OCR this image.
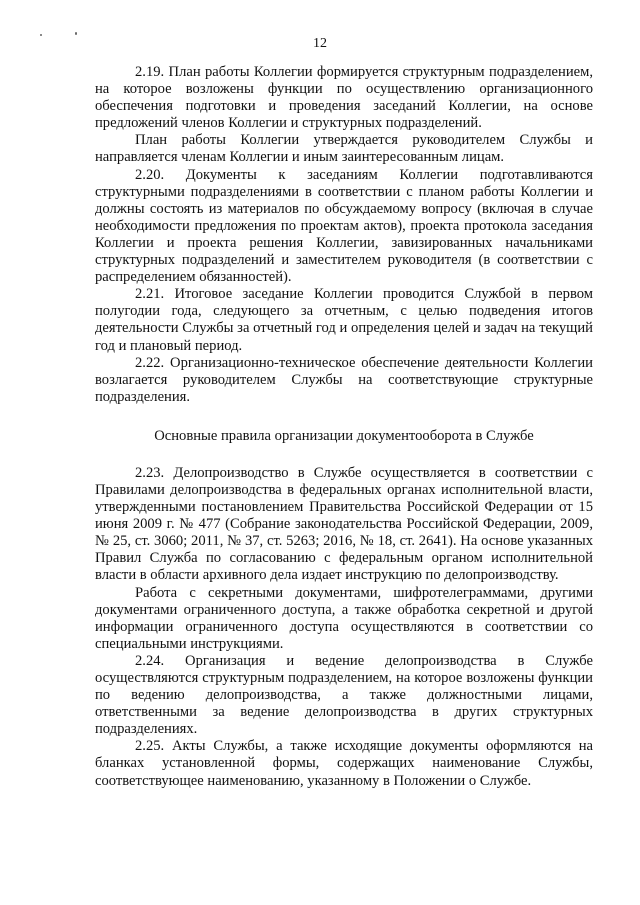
12

2.19. План работы Коллегии формируется структурным подразделением, на которое возложены функции по осуществлению организационного обеспечения подготовки и проведения заседаний Коллегии, на основе предложений членов Коллегии и структурных подразделений.

План работы Коллегии утверждается руководителем Службы и направляется членам Коллегии и иным заинтересованным лицам.

2.20. Документы к заседаниям Коллегии подготавливаются структурными подразделениями в соответствии с планом работы Коллегии и должны состоять из материалов по обсуждаемому вопросу (включая в случае необходимости предложения по проектам актов), проекта протокола заседания Коллегии и проекта решения Коллегии, завизированных начальниками структурных подразделений и заместителем руководителя (в соответствии с распределением обязанностей).

2.21. Итоговое заседание Коллегии проводится Службой в первом полугодии года, следующего за отчетным, с целью подведения итогов деятельности Службы за отчетный год и определения целей и задач на текущий год и плановый период.

2.22. Организационно-техническое обеспечение деятельности Коллегии возлагается руководителем Службы на соответствующие структурные подразделения.

Основные правила организации документооборота в Службе

2.23. Делопроизводство в Службе осуществляется в соответствии с Правилами делопроизводства в федеральных органах исполнительной власти, утвержденными постановлением Правительства Российской Федерации от 15 июня 2009 г. № 477 (Собрание законодательства Российской Федерации, 2009, № 25, ст. 3060; 2011, № 37, ст. 5263; 2016, № 18, ст. 2641). На основе указанных Правил Служба по согласованию с федеральным органом исполнительной власти в области архивного дела издает инструкцию по делопроизводству.

Работа с секретными документами, шифротелеграммами, другими документами ограниченного доступа, а также обработка секретной и другой информации ограниченного доступа осуществляются в соответствии со специальными инструкциями.

2.24. Организация и ведение делопроизводства в Службе осуществляются структурным подразделением, на которое возложены функции по ведению делопроизводства, а также должностными лицами, ответственными за ведение делопроизводства в других структурных подразделениях.

2.25. Акты Службы, а также исходящие документы оформляются на бланках установленной формы, содержащих наименование Службы, соответствующее наименованию, указанному в Положении о Службе.
